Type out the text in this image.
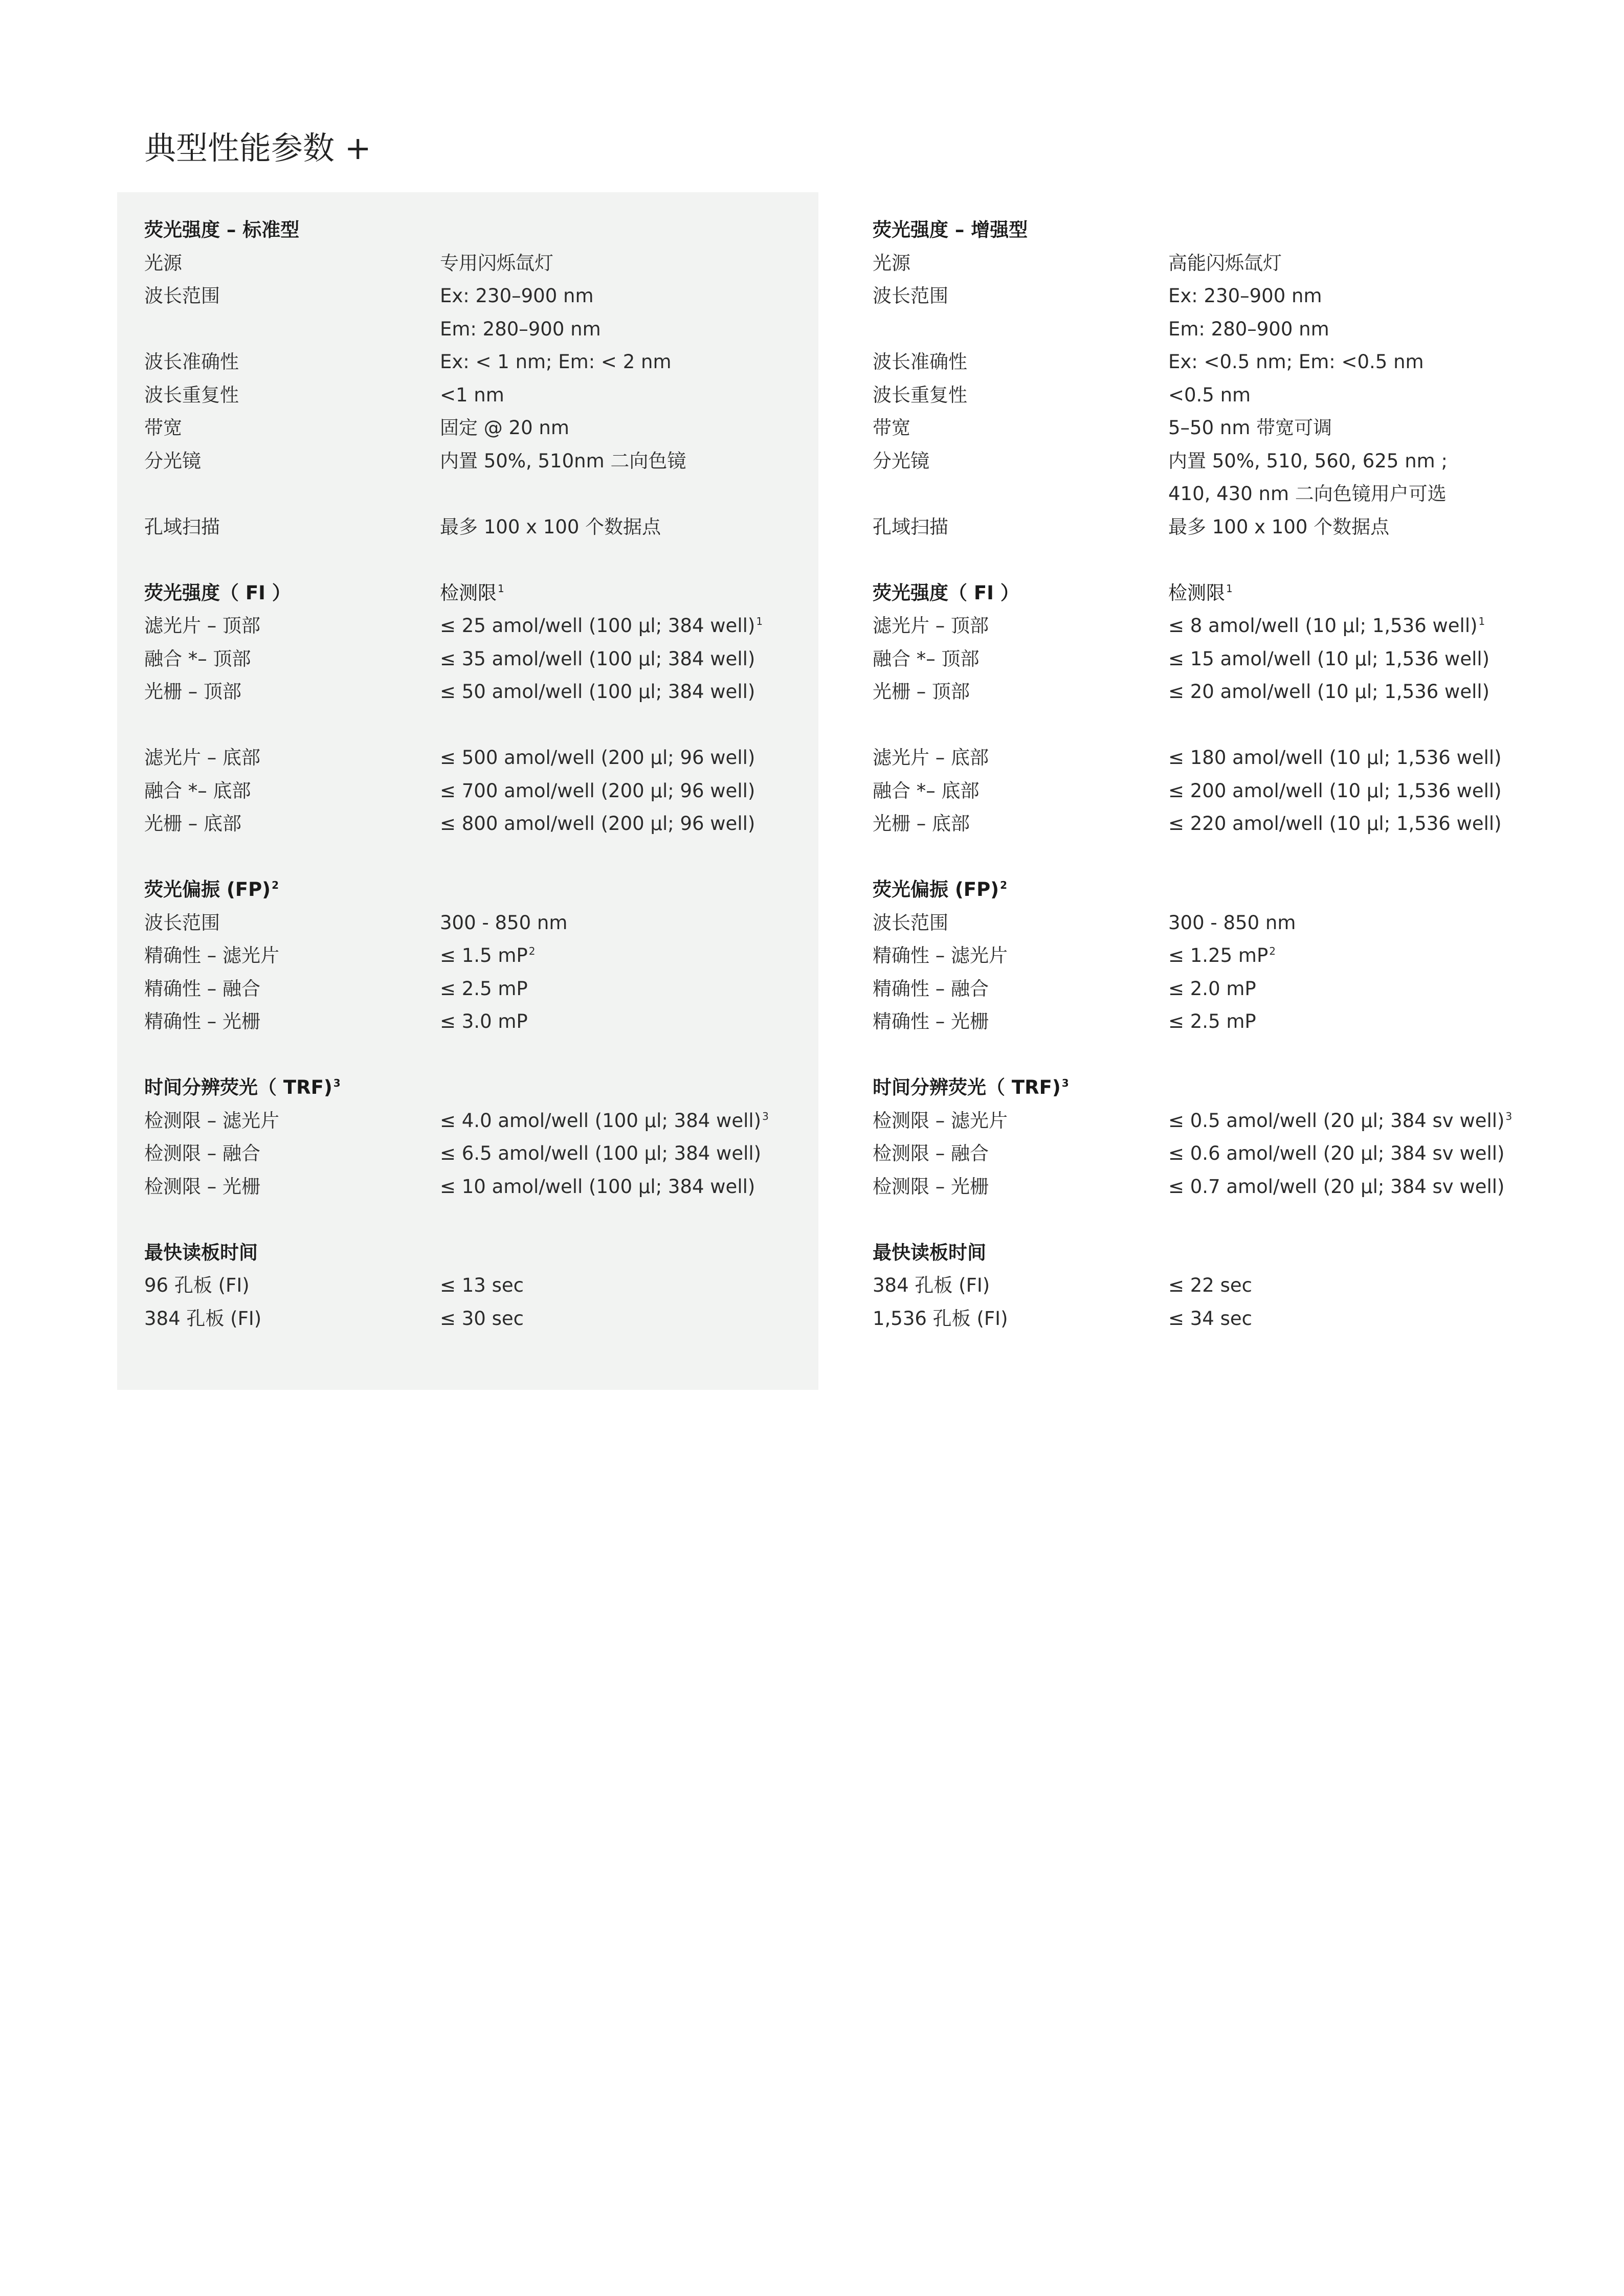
典型性能参数 +
荧光强度 – 标准型
光源	专用闪烁氙灯
波长范围	Ex: 230–900 nm
Em: 280–900 nm
波长准确性	Ex: < 1 nm; Em: < 2 nm
波长重复性	<1 nm
带宽	固定 @ 20 nm
分光镜	内置 50%, 510nm 二向色镜
孔域扫描	最多 100 x 100 个数据点
荧光强度（ FI ）	检测限 $^1$
滤光片 – 顶部	≤ 25 amol/well (100 µl; 384 well) $^1$
融合 *– 顶部	≤ 35 amol/well (100 µl; 384 well)
光栅 – 顶部	≤ 50 amol/well (100 µl; 384 well)
滤光片 – 底部	≤ 500 amol/well (200 µl; 96 well)
融合 *– 底部	≤ 700 amol/well (200 µl; 96 well)
光栅 – 底部	≤ 800 amol/well (200 µl; 96 well)
荧光偏振 (FP) $^2$
波长范围	300 - 850 nm
精确性 – 滤光片	≤ 1.5 mP $^2$
精确性 – 融合	≤ 2.5 mP
精确性 – 光栅	≤ 3.0 mP
时间分辨荧光（ TRF) $^3$
检测限 – 滤光片	≤ 4.0 amol/well (100 µl; 384 well) $^3$
检测限 – 融合	≤ 6.5 amol/well (100 µl; 384 well)
检测限 – 光栅	≤ 10 amol/well (100 µl; 384 well)
最快读板时间
96 孔板 (FI)	≤ 13 sec
384 孔板 (FI)	≤ 30 sec
荧光强度 – 增强型
光源	高能闪烁氙灯
波长范围	Ex: 230–900 nm
Em: 280–900 nm
波长准确性	Ex: <0.5 nm; Em: <0.5 nm
波长重复性	<0.5 nm
带宽	5–50 nm 带宽可调
分光镜	内置 50%, 510, 560, 625 nm ;
410, 430 nm 二向色镜用户可选
孔域扫描	最多 100 x 100 个数据点
荧光强度（ FI ）	检测限 $^1$
滤光片 – 顶部	≤ 8 amol/well (10 µl; 1,536 well) $^1$
融合 *– 顶部	≤ 15 amol/well (10 µl; 1,536 well)
光栅 – 顶部	≤ 20 amol/well (10 µl; 1,536 well)
滤光片 – 底部	≤ 180 amol/well (10 µl; 1,536 well)
融合 *– 底部	≤ 200 amol/well (10 µl; 1,536 well)
光栅 – 底部	≤ 220 amol/well (10 µl; 1,536 well)
荧光偏振 (FP) $^2$
波长范围	300 - 850 nm
精确性 – 滤光片	≤ 1.25 mP $^2$
精确性 – 融合	≤ 2.0 mP
精确性 – 光栅	≤ 2.5 mP
时间分辨荧光（ TRF) $^3$
检测限 – 滤光片	≤ 0.5 amol/well (20 µl; 384 sv well) $^3$
检测限 – 融合	≤ 0.6 amol/well (20 µl; 384 sv well)
检测限 – 光栅	≤ 0.7 amol/well (20 µl; 384 sv well)
最快读板时间
384 孔板 (FI)	≤ 22 sec
1,536 孔板 (FI)	≤ 34 sec
